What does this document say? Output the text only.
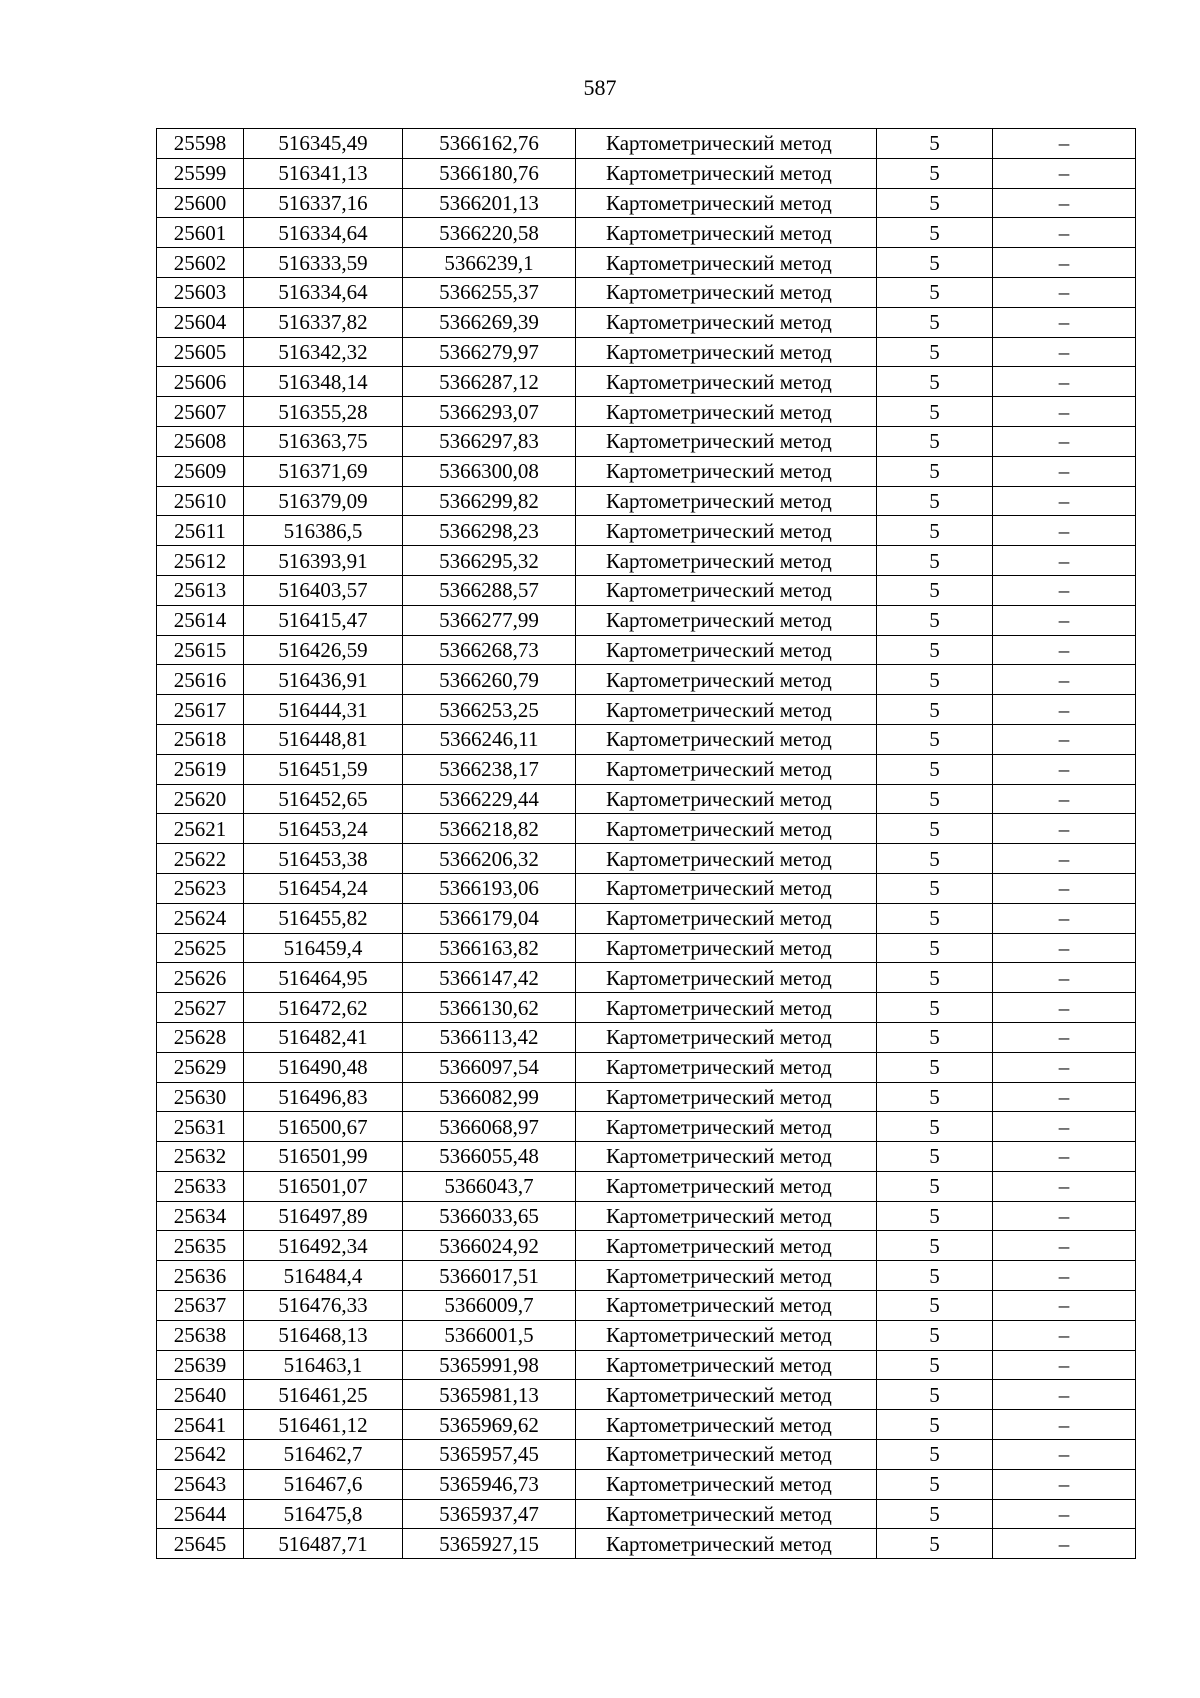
587
25598	516345,49	5366162,76	Картометрический метод	5	–
25599	516341,13	5366180,76	Картометрический метод	5	–
25600	516337,16	5366201,13	Картометрический метод	5	–
25601	516334,64	5366220,58	Картометрический метод	5	–
25602	516333,59	5366239,1	Картометрический метод	5	–
25603	516334,64	5366255,37	Картометрический метод	5	–
25604	516337,82	5366269,39	Картометрический метод	5	–
25605	516342,32	5366279,97	Картометрический метод	5	–
25606	516348,14	5366287,12	Картометрический метод	5	–
25607	516355,28	5366293,07	Картометрический метод	5	–
25608	516363,75	5366297,83	Картометрический метод	5	–
25609	516371,69	5366300,08	Картометрический метод	5	–
25610	516379,09	5366299,82	Картометрический метод	5	–
25611	516386,5	5366298,23	Картометрический метод	5	–
25612	516393,91	5366295,32	Картометрический метод	5	–
25613	516403,57	5366288,57	Картометрический метод	5	–
25614	516415,47	5366277,99	Картометрический метод	5	–
25615	516426,59	5366268,73	Картометрический метод	5	–
25616	516436,91	5366260,79	Картометрический метод	5	–
25617	516444,31	5366253,25	Картометрический метод	5	–
25618	516448,81	5366246,11	Картометрический метод	5	–
25619	516451,59	5366238,17	Картометрический метод	5	–
25620	516452,65	5366229,44	Картометрический метод	5	–
25621	516453,24	5366218,82	Картометрический метод	5	–
25622	516453,38	5366206,32	Картометрический метод	5	–
25623	516454,24	5366193,06	Картометрический метод	5	–
25624	516455,82	5366179,04	Картометрический метод	5	–
25625	516459,4	5366163,82	Картометрический метод	5	–
25626	516464,95	5366147,42	Картометрический метод	5	–
25627	516472,62	5366130,62	Картометрический метод	5	–
25628	516482,41	5366113,42	Картометрический метод	5	–
25629	516490,48	5366097,54	Картометрический метод	5	–
25630	516496,83	5366082,99	Картометрический метод	5	–
25631	516500,67	5366068,97	Картометрический метод	5	–
25632	516501,99	5366055,48	Картометрический метод	5	–
25633	516501,07	5366043,7	Картометрический метод	5	–
25634	516497,89	5366033,65	Картометрический метод	5	–
25635	516492,34	5366024,92	Картометрический метод	5	–
25636	516484,4	5366017,51	Картометрический метод	5	–
25637	516476,33	5366009,7	Картометрический метод	5	–
25638	516468,13	5366001,5	Картометрический метод	5	–
25639	516463,1	5365991,98	Картометрический метод	5	–
25640	516461,25	5365981,13	Картометрический метод	5	–
25641	516461,12	5365969,62	Картометрический метод	5	–
25642	516462,7	5365957,45	Картометрический метод	5	–
25643	516467,6	5365946,73	Картометрический метод	5	–
25644	516475,8	5365937,47	Картометрический метод	5	–
25645	516487,71	5365927,15	Картометрический метод	5	–
